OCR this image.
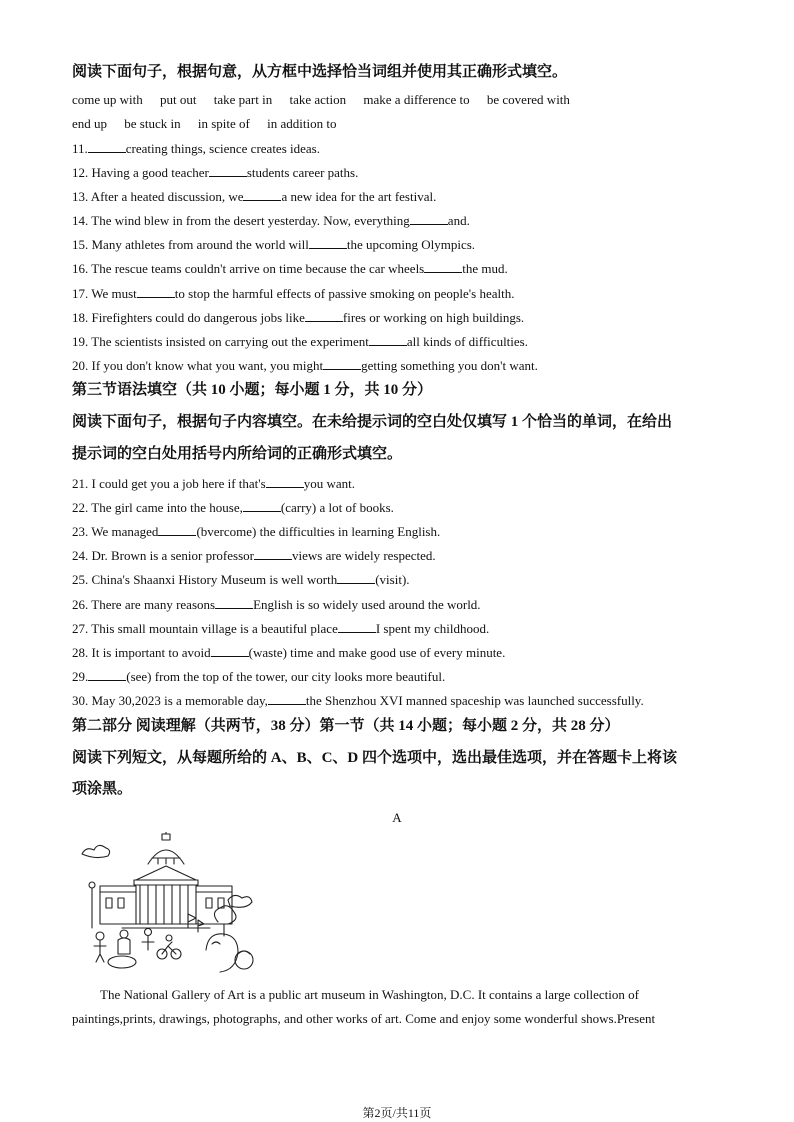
阅读下面句子，根据句意，从方框中选择恰当词组并使用其正确形式填空。
come up with put out take part in take action make a difference to be covered with
end up be stuck in in spite of in addition to
11.	creating things, science creates ideas.
12. Having a good teacher	students career paths.
13. After a heated discussion, we	a new idea for the art festival.
14. The wind blew in from the desert yesterday. Now, everything	and.
15. Many athletes from around the world will	the upcoming Olympics.
16. The rescue teams couldn't arrive on time because the car wheels	the mud.
17. We must	to stop the harmful effects of passive smoking on people's health.
18. Firefighters could do dangerous jobs like	fires or working on high buildings.
19. The scientists insisted on carrying out the experiment	all kinds of difficulties.
20. If you don't know what you want, you might	getting something you don't want.
第三节语法填空（共 10 小题；每小题 1 分，共 10 分）
阅读下面句子，根据句子内容填空。在未给提示词的空白处仅填写 1 个恰当的单词，在给出
提示词的空白处用括号内所给词的正确形式填空。
21. I could get you a job here if that's	you want.
22. The girl came into the house,	(carry) a lot of books.
23. We managed	(bvercome) the difficulties in learning English.
24. Dr. Brown is a senior professor	views are widely respected.
25. China's Shaanxi History Museum is well worth	(visit).
26. There are many reasons	English is so widely used around the world.
27. This small mountain village is a beautiful place	I spent my childhood.
28. It is important to avoid	(waste) time and make good use of every minute.
29.	(see) from the top of the tower, our city looks more beautiful.
30. May 30,2023 is a memorable day,	the Shenzhou XVI manned spaceship was launched successfully.
第二部分 阅读理解（共两节，38 分）第一节（共 14 小题；每小题 2 分，共 28 分）
阅读下列短文，从每题所给的 A、B、C、D 四个选项中，选出最佳选项，并在答题卡上将该
项涂黑。
A
The National Gallery of Art is a public art museum in Washington, D.C. It contains a large collection of
paintings,prints, drawings, photographs, and other works of art. Come and enjoy some wonderful shows.Present
第2页/共11页
